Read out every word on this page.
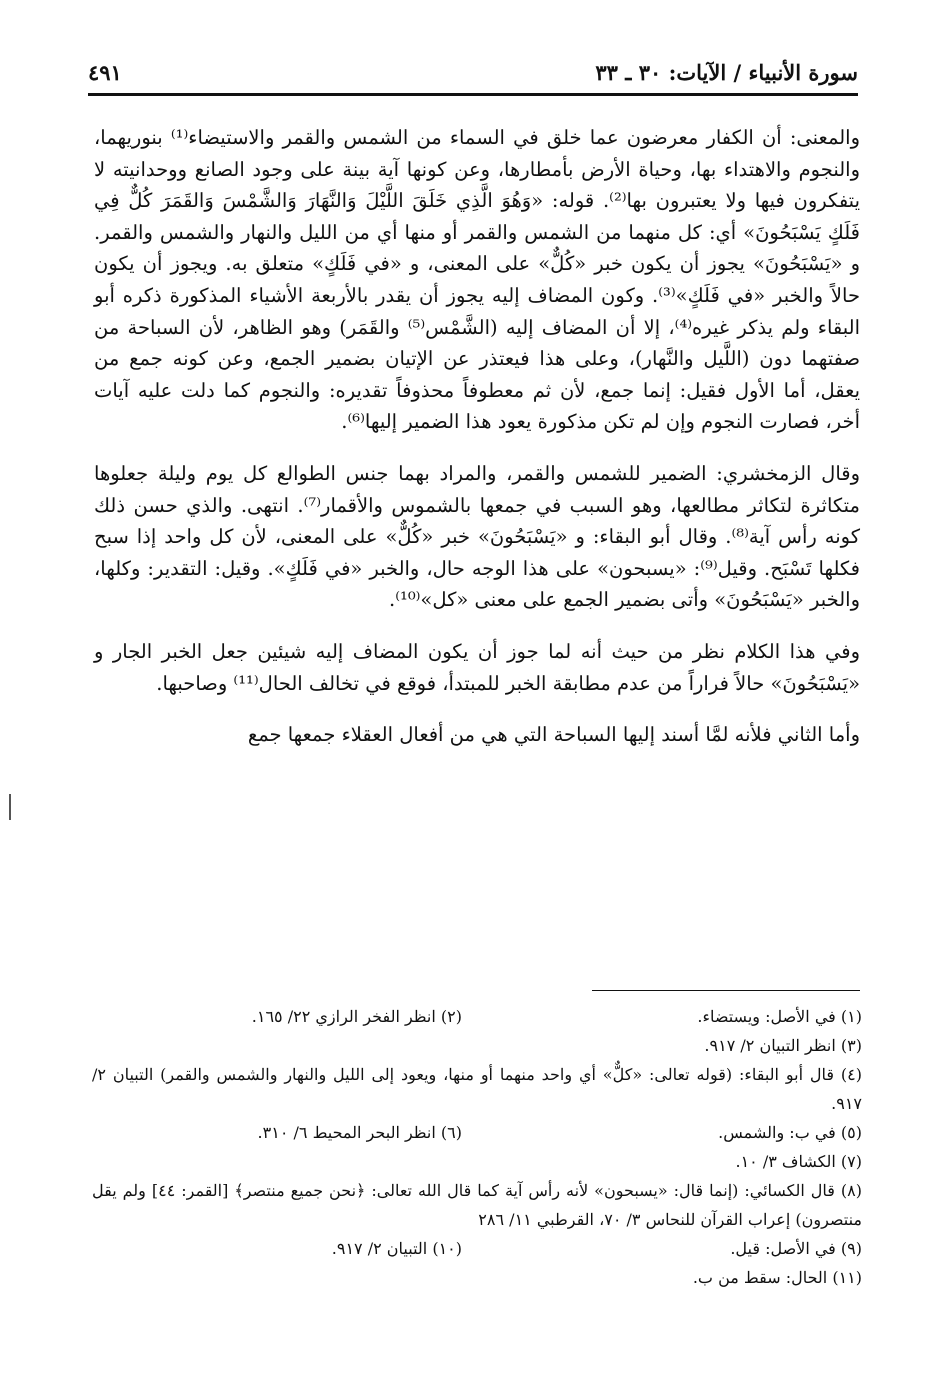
سورة الأنبياء / الآيات: ٣٠ ـ ٣٣
٤٩١

والمعنى: أن الكفار معرضون عما خلق في السماء من الشمس والقمر والاستيضاء⁽¹⁾ بنوريهما، والنجوم والاهتداء بها، وحياة الأرض بأمطارها، وعن كونها آية بينة على وجود الصانع ووحدانيته لا يتفكرون فيها ولا يعتبرون بها⁽²⁾. قوله: «وَهُوَ الَّذِي خَلَقَ اللَّيْلَ وَالنَّهَارَ وَالشَّمْسَ وَالقَمَرَ كُلٌّ فِي فَلَكٍ يَسْبَحُونَ» أي: كل منهما من الشمس والقمر أو منها أي من الليل والنهار والشمس والقمر. و «يَسْبَحُونَ» يجوز أن يكون خبر «كُلٌّ» على المعنى، و «في فَلَكٍ» متعلق به. ويجوز أن يكون حالاً والخبر «في فَلَكٍ»⁽³⁾. وكون المضاف إليه يجوز أن يقدر بالأربعة الأشياء المذكورة ذكره أبو البقاء ولم يذكر غيره⁽⁴⁾، إلا أن المضاف إليه (الشَّمْس⁽⁵⁾ والقَمَر) وهو الظاهر، لأن السباحة من صفتهما دون (اللَّيل والنَّهار)، وعلى هذا فيعتذر عن الإتيان بضمير الجمع، وعن كونه جمع من يعقل، أما الأول فقيل: إنما جمع، لأن ثم معطوفاً محذوفاً تقديره: والنجوم كما دلت عليه آيات أخر، فصارت النجوم وإن لم تكن مذكورة يعود هذا الضمير إليها⁽⁶⁾.

وقال الزمخشري: الضمير للشمس والقمر، والمراد بهما جنس الطوالع كل يوم وليلة جعلوها متكاثرة لتكاثر مطالعها، وهو السبب في جمعها بالشموس والأقمار⁽⁷⁾. انتهى. والذي حسن ذلك كونه رأس آية⁽⁸⁾. وقال أبو البقاء: و «يَسْبَحُونَ» خبر «كُلٌّ» على المعنى، لأن كل واحد إذا سبح فكلها تَسْبَح. وقيل⁽⁹⁾: «يسبحون» على هذا الوجه حال، والخبر «في فَلَكٍ». وقيل: التقدير: وكلها، والخبر «يَسْبَحُونَ» وأتى بضمير الجمع على معنى «كل»⁽¹⁰⁾.

وفي هذا الكلام نظر من حيث أنه لما جوز أن يكون المضاف إليه شيئين جعل الخبر الجار و «يَسْبَحُونَ» حالاً فراراً من عدم مطابقة الخبر للمبتدأ، فوقع في تخالف الحال⁽¹¹⁾ وصاحبها.

وأما الثاني فلأنه لمَّا أسند إليها السباحة التي هي من أفعال العقلاء جمعها جمع

(١) في الأصل: ويستضاء.
(٢) انظر الفخر الرازي ٢٢/ ١٦٥.
(٣) انظر التبيان ٢/ ٩١٧.
(٤) قال أبو البقاء: (قوله تعالى: «كلٌّ» أي واحد منهما أو منها، ويعود إلى الليل والنهار والشمس والقمر) التبيان ٢/ ٩١٧.
(٥) في ب: والشمس.
(٦) انظر البحر المحيط ٦/ ٣١٠.
(٧) الكشاف ٣/ ١٠.
(٨) قال الكسائي: (إنما قال: «يسبحون» لأنه رأس آية كما قال الله تعالى: ﴿نحن جميع منتصر﴾ [القمر: ٤٤] ولم يقل منتصرون) إعراب القرآن للنحاس ٣/ ٧٠، القرطبي ١١/ ٢٨٦
(٩) في الأصل: قيل.
(١٠) التبيان ٢/ ٩١٧.
(١١) الحال: سقط من ب.
